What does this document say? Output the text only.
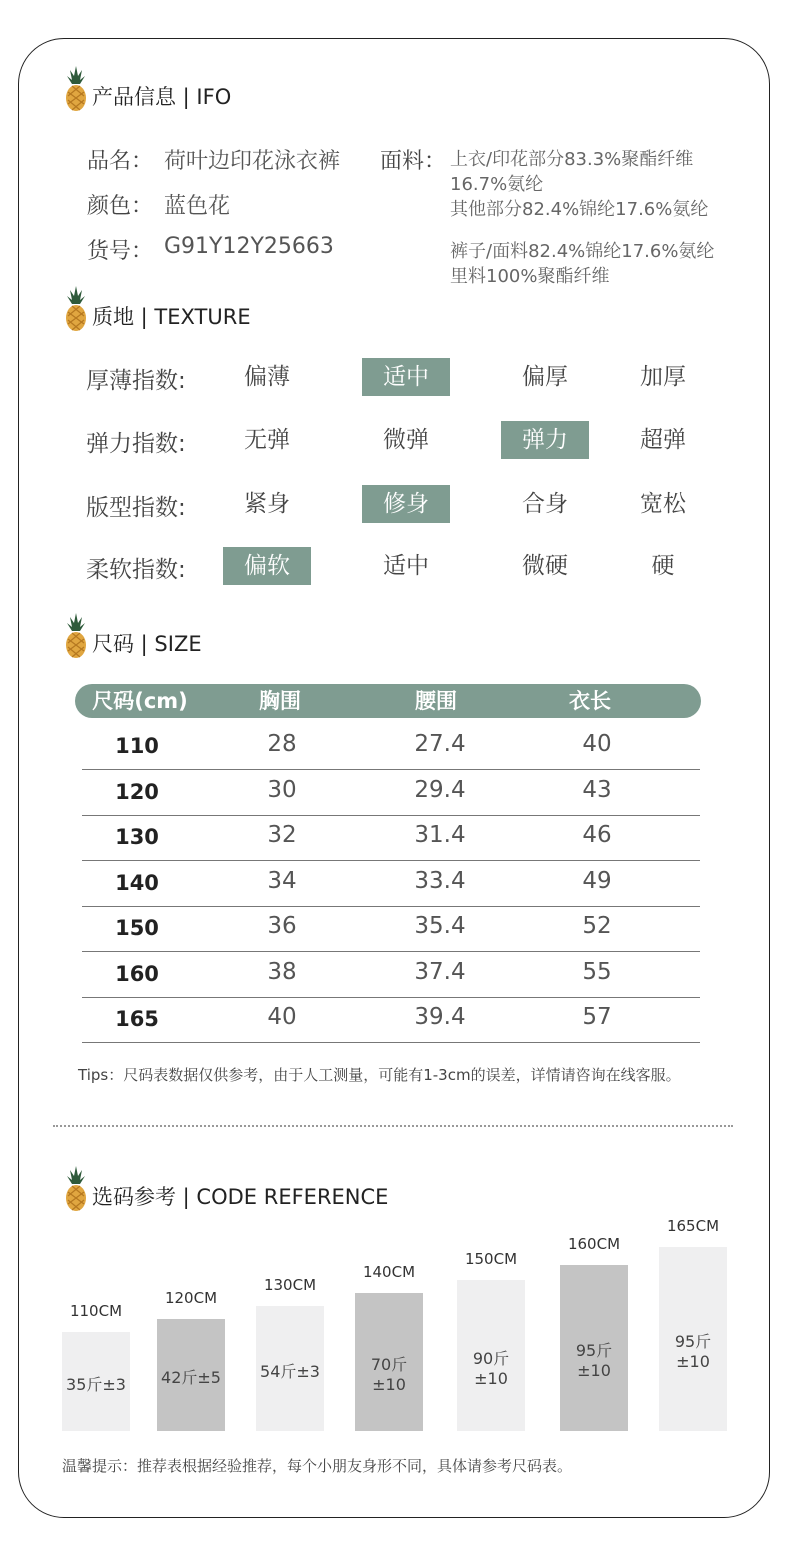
产品信息 | IFO
品名： 荷叶边印花泳衣裤
颜色： 蓝色花
货号： G91Y12Y25663
面料： 上衣/印花部分83.3%聚酯纤维
16.7%氨纶
其他部分82.4%锦纶17.6%氨纶
裤子/面料82.4%锦纶17.6%氨纶
里料100%聚酯纤维
质地 | TEXTURE
厚薄指数:	偏薄	适中	偏厚	加厚
弹力指数:	无弹	微弹	弹力	超弹
版型指数:	紧身	修身	合身	宽松
柔软指数:	偏软	适中	微硬	硬
尺码 | SIZE
尺码(cm)	胸围	腰围	衣长
110	28	27.4	40
120	30	29.4	43
130	32	31.4	46
140	34	33.4	49
150	36	35.4	52
160	38	37.4	55
165	40	39.4	57
Tips：尺码表数据仅供参考，由于人工测量，可能有1-3cm的误差，详情请咨询在线客服。
选码参考 | CODE REFERENCE
110CM
35斤±3
120CM
42斤±5
130CM
54斤±3
140CM
70斤±10
150CM
90斤±10
160CM
95斤±10
165CM
95斤±10
温馨提示：推荐表根据经验推荐，每个小朋友身形不同，具体请参考尺码表。
